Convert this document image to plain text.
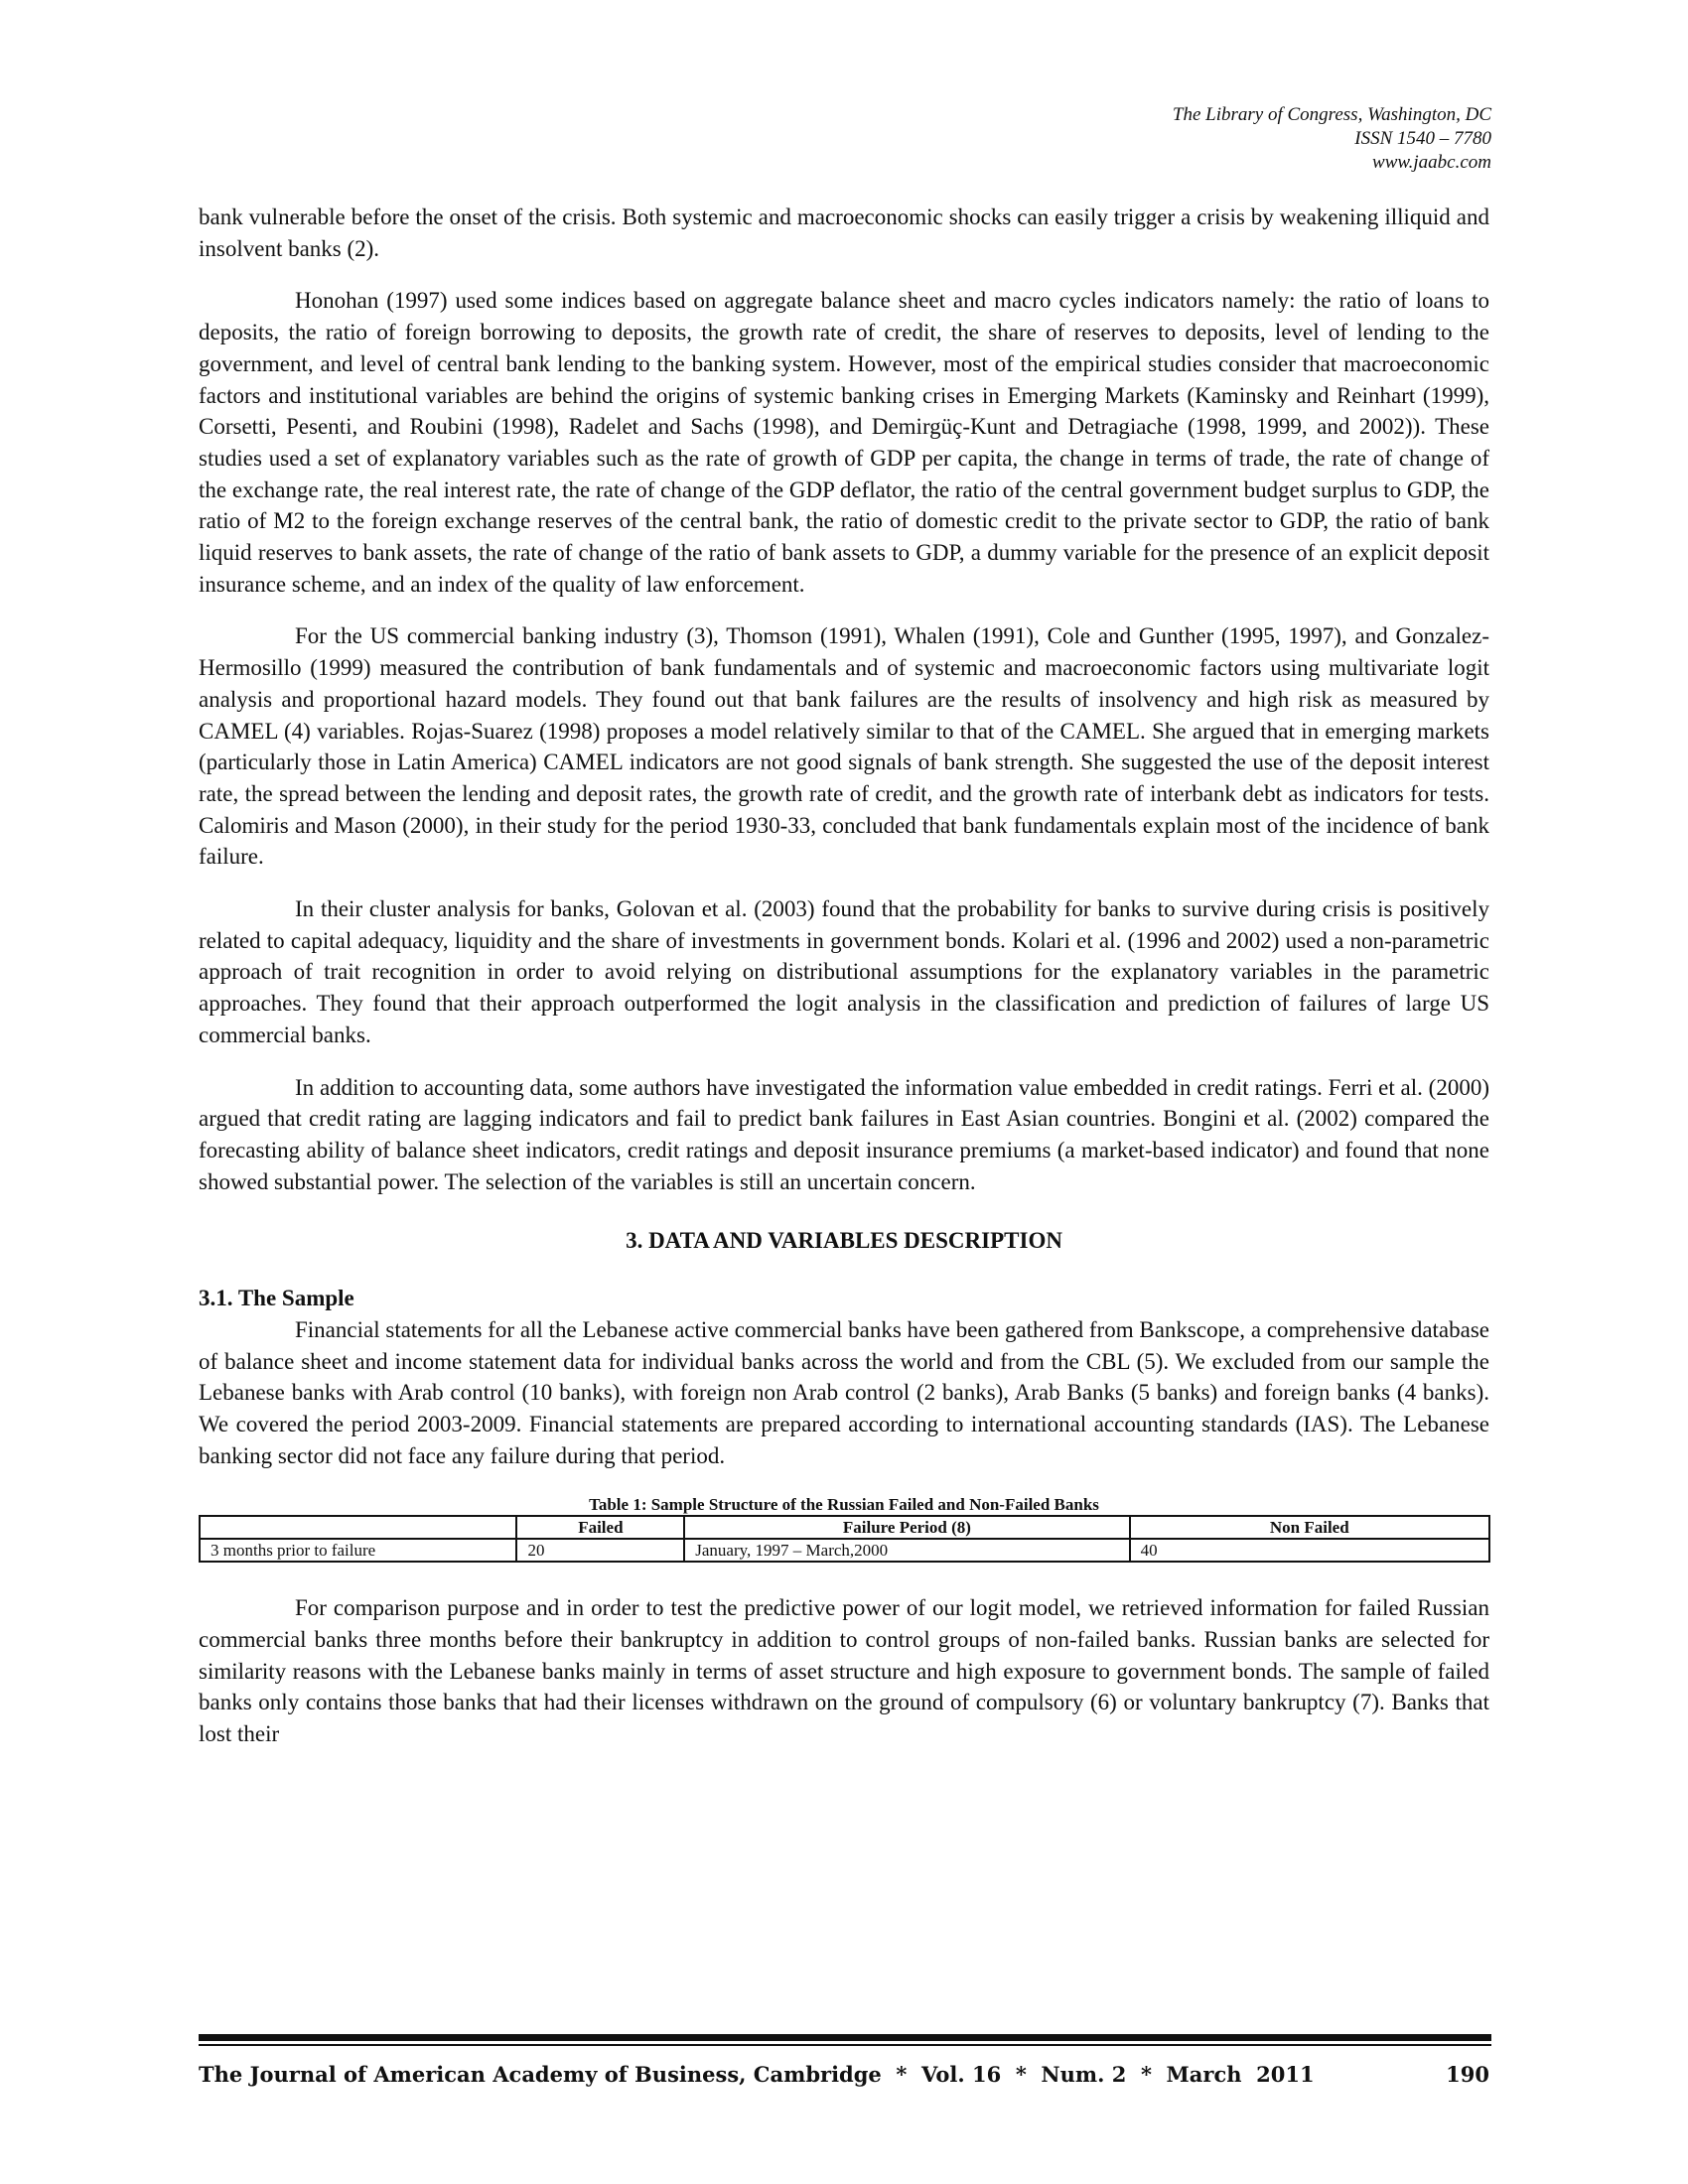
The Library of Congress, Washington, DC
ISSN 1540 – 7780
www.jaabc.com

bank vulnerable before the onset of the crisis. Both systemic and macroeconomic shocks can easily trigger a crisis by weakening illiquid and insolvent banks (2).

Honohan (1997) used some indices based on aggregate balance sheet and macro cycles indicators namely: the ratio of loans to deposits, the ratio of foreign borrowing to deposits, the growth rate of credit, the share of reserves to deposits, level of lending to the government, and level of central bank lending to the banking system. However, most of the empirical studies consider that macroeconomic factors and institutional variables are behind the origins of systemic banking crises in Emerging Markets (Kaminsky and Reinhart (1999), Corsetti, Pesenti, and Roubini (1998), Radelet and Sachs (1998), and Demirgüç-Kunt and Detragiache (1998, 1999, and 2002)). These studies used a set of explanatory variables such as the rate of growth of GDP per capita, the change in terms of trade, the rate of change of the exchange rate, the real interest rate, the rate of change of the GDP deflator, the ratio of the central government budget surplus to GDP, the ratio of M2 to the foreign exchange reserves of the central bank, the ratio of domestic credit to the private sector to GDP, the ratio of bank liquid reserves to bank assets, the rate of change of the ratio of bank assets to GDP, a dummy variable for the presence of an explicit deposit insurance scheme, and an index of the quality of law enforcement.

For the US commercial banking industry (3), Thomson (1991), Whalen (1991), Cole and Gunther (1995, 1997), and Gonzalez-Hermosillo (1999) measured the contribution of bank fundamentals and of systemic and macroeconomic factors using multivariate logit analysis and proportional hazard models. They found out that bank failures are the results of insolvency and high risk as measured by CAMEL (4) variables. Rojas-Suarez (1998) proposes a model relatively similar to that of the CAMEL. She argued that in emerging markets (particularly those in Latin America) CAMEL indicators are not good signals of bank strength. She suggested the use of the deposit interest rate, the spread between the lending and deposit rates, the growth rate of credit, and the growth rate of interbank debt as indicators for tests. Calomiris and Mason (2000), in their study for the period 1930-33, concluded that bank fundamentals explain most of the incidence of bank failure.

In their cluster analysis for banks, Golovan et al. (2003) found that the probability for banks to survive during crisis is positively related to capital adequacy, liquidity and the share of investments in government bonds. Kolari et al. (1996 and 2002) used a non-parametric approach of trait recognition in order to avoid relying on distributional assumptions for the explanatory variables in the parametric approaches. They found that their approach outperformed the logit analysis in the classification and prediction of failures of large US commercial banks.

In addition to accounting data, some authors have investigated the information value embedded in credit ratings. Ferri et al. (2000) argued that credit rating are lagging indicators and fail to predict bank failures in East Asian countries. Bongini et al. (2002) compared the forecasting ability of balance sheet indicators, credit ratings and deposit insurance premiums (a market-based indicator) and found that none showed substantial power. The selection of the variables is still an uncertain concern.

3. DATA AND VARIABLES DESCRIPTION
3.1. The Sample

Financial statements for all the Lebanese active commercial banks have been gathered from Bankscope, a comprehensive database of balance sheet and income statement data for individual banks across the world and from the CBL (5). We excluded from our sample the Lebanese banks with Arab control (10 banks), with foreign non Arab control (2 banks), Arab Banks (5 banks) and foreign banks (4 banks). We covered the period 2003-2009. Financial statements are prepared according to international accounting standards (IAS). The Lebanese banking sector did not face any failure during that period.

Table 1: Sample Structure of the Russian Failed and Non-Failed Banks
	Failed	Failure Period (8)	Non Failed
3 months prior to failure	20	January, 1997 – March,2000	40

For comparison purpose and in order to test the predictive power of our logit model, we retrieved information for failed Russian commercial banks three months before their bankruptcy in addition to control groups of non-failed banks. Russian banks are selected for similarity reasons with the Lebanese banks mainly in terms of asset structure and high exposure to government bonds. The sample of failed banks only contains those banks that had their licenses withdrawn on the ground of compulsory (6) or voluntary bankruptcy (7). Banks that lost their

The Journal of American Academy of Business, Cambridge  *  Vol. 16  *  Num. 2  *  March  2011	190
